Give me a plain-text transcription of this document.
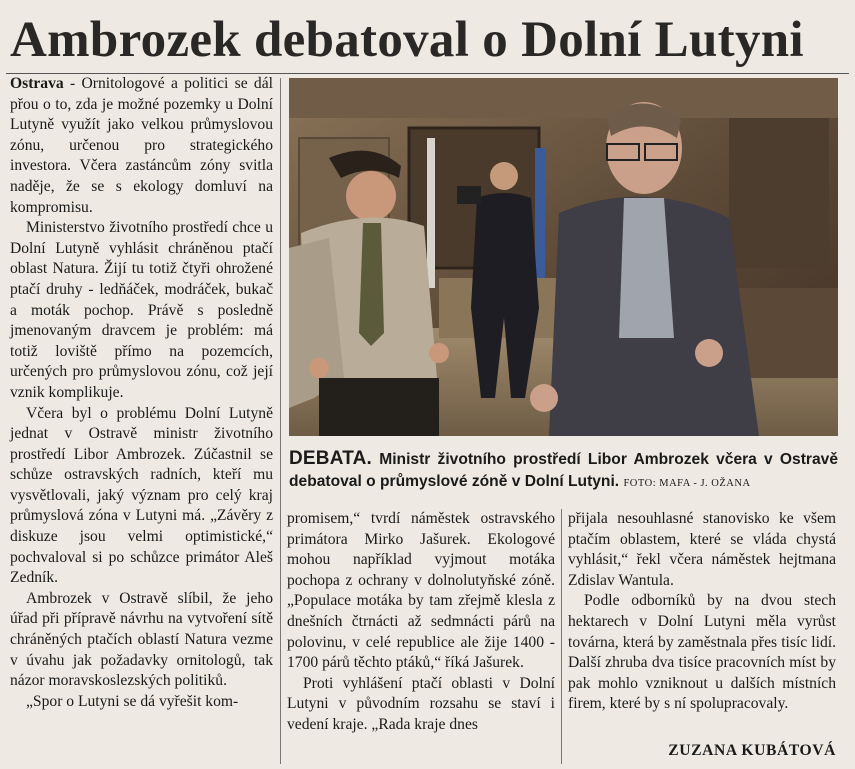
Ambrozek debatoval o Dolní Lutyni

Ostrava - Ornitologové a politici se dál přou o to, zda je možné pozemky u Dolní Lutyně využít jako velkou průmyslovou zónu, určenou pro strategického investora. Včera zastáncům zóny svitla naděje, že se s ekology domluví na kompromisu.

Ministerstvo životního prostředí chce u Dolní Lutyně vyhlásit chráněnou ptačí oblast Natura. Žijí tu totiž čtyři ohrožené ptačí druhy - ledňáček, modráček, bukač a moták pochop. Právě s posledně jmenovaným dravcem je problém: má totiž loviště přímo na pozemcích, určených pro průmyslovou zónu, což její vznik komplikuje.

Včera byl o problému Dolní Lutyně jednat v Ostravě ministr životního prostředí Libor Ambrozek. Zúčastnil se schůze ostravských radních, kteří mu vysvětlovali, jaký význam pro celý kraj průmyslová zóna v Lutyni má. „Závěry z diskuze jsou velmi optimistické,“ pochvaloval si po schůzce primátor Aleš Zedník.

Ambrozek v Ostravě slíbil, že jeho úřad při přípravě návrhu na vytvoření sítě chráněných ptačích oblastí Natura vezme v úvahu jak požadavky ornitologů, tak názor moravskoslezských politiků.

„Spor o Lutyni se dá vyřešit kom-

DEBATA. Ministr životního prostředí Libor Ambrozek včera v Ostravě debatoval o průmyslové zóně v Dolní Lutyni. FOTO: MAFA - J. OŽANA

promisem,“ tvrdí náměstek ostravského primátora Mirko Jašurek. Ekologové mohou například vyjmout motáka pochopa z ochrany v dolnolutyňské zóně. „Populace motáka by tam zřejmě klesla z dnešních čtrnácti až sedmnácti párů na polovinu, v celé republice ale žije 1400 - 1700 párů těchto ptáků,“ říká Jašurek.

Proti vyhlášení ptačí oblasti v Dolní Lutyni v původním rozsahu se staví i vedení kraje. „Rada kraje dnes

přijala nesouhlasné stanovisko ke všem ptačím oblastem, které se vláda chystá vyhlásit,“ řekl včera náměstek hejtmana Zdislav Wantula.

Podle odborníků by na dvou stech hektarech v Dolní Lutyni měla vyrůst továrna, která by zaměstnala přes tisíc lidí. Další zhruba dva tisíce pracovních míst by pak mohlo vzniknout u dalších místních firem, které by s ní spolupracovaly.

ZUZANA KUBÁTOVÁ
